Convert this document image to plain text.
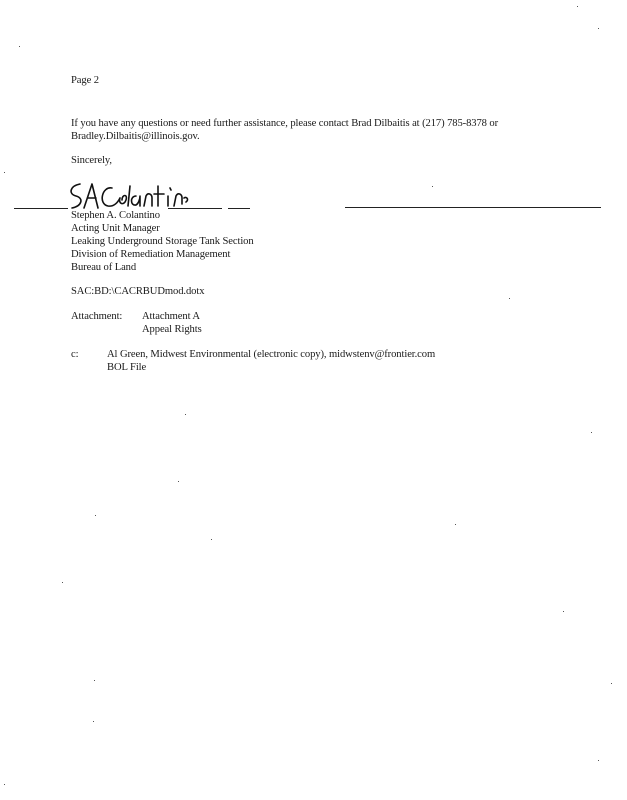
Page 2
If you have any questions or need further assistance, please contact Brad Dilbaitis at (217) 785-8378 or
Bradley.Dilbaitis@illinois.gov.
Sincerely,
Stephen A. Colantino
Acting Unit Manager
Leaking Underground Storage Tank Section
Division of Remediation Management
Bureau of Land
SAC:BD:\CACRBUDmod.dotx
Attachment: Attachment A
Appeal Rights
c:	Al Green, Midwest Environmental (electronic copy), midwstenv@frontier.com
BOL File
